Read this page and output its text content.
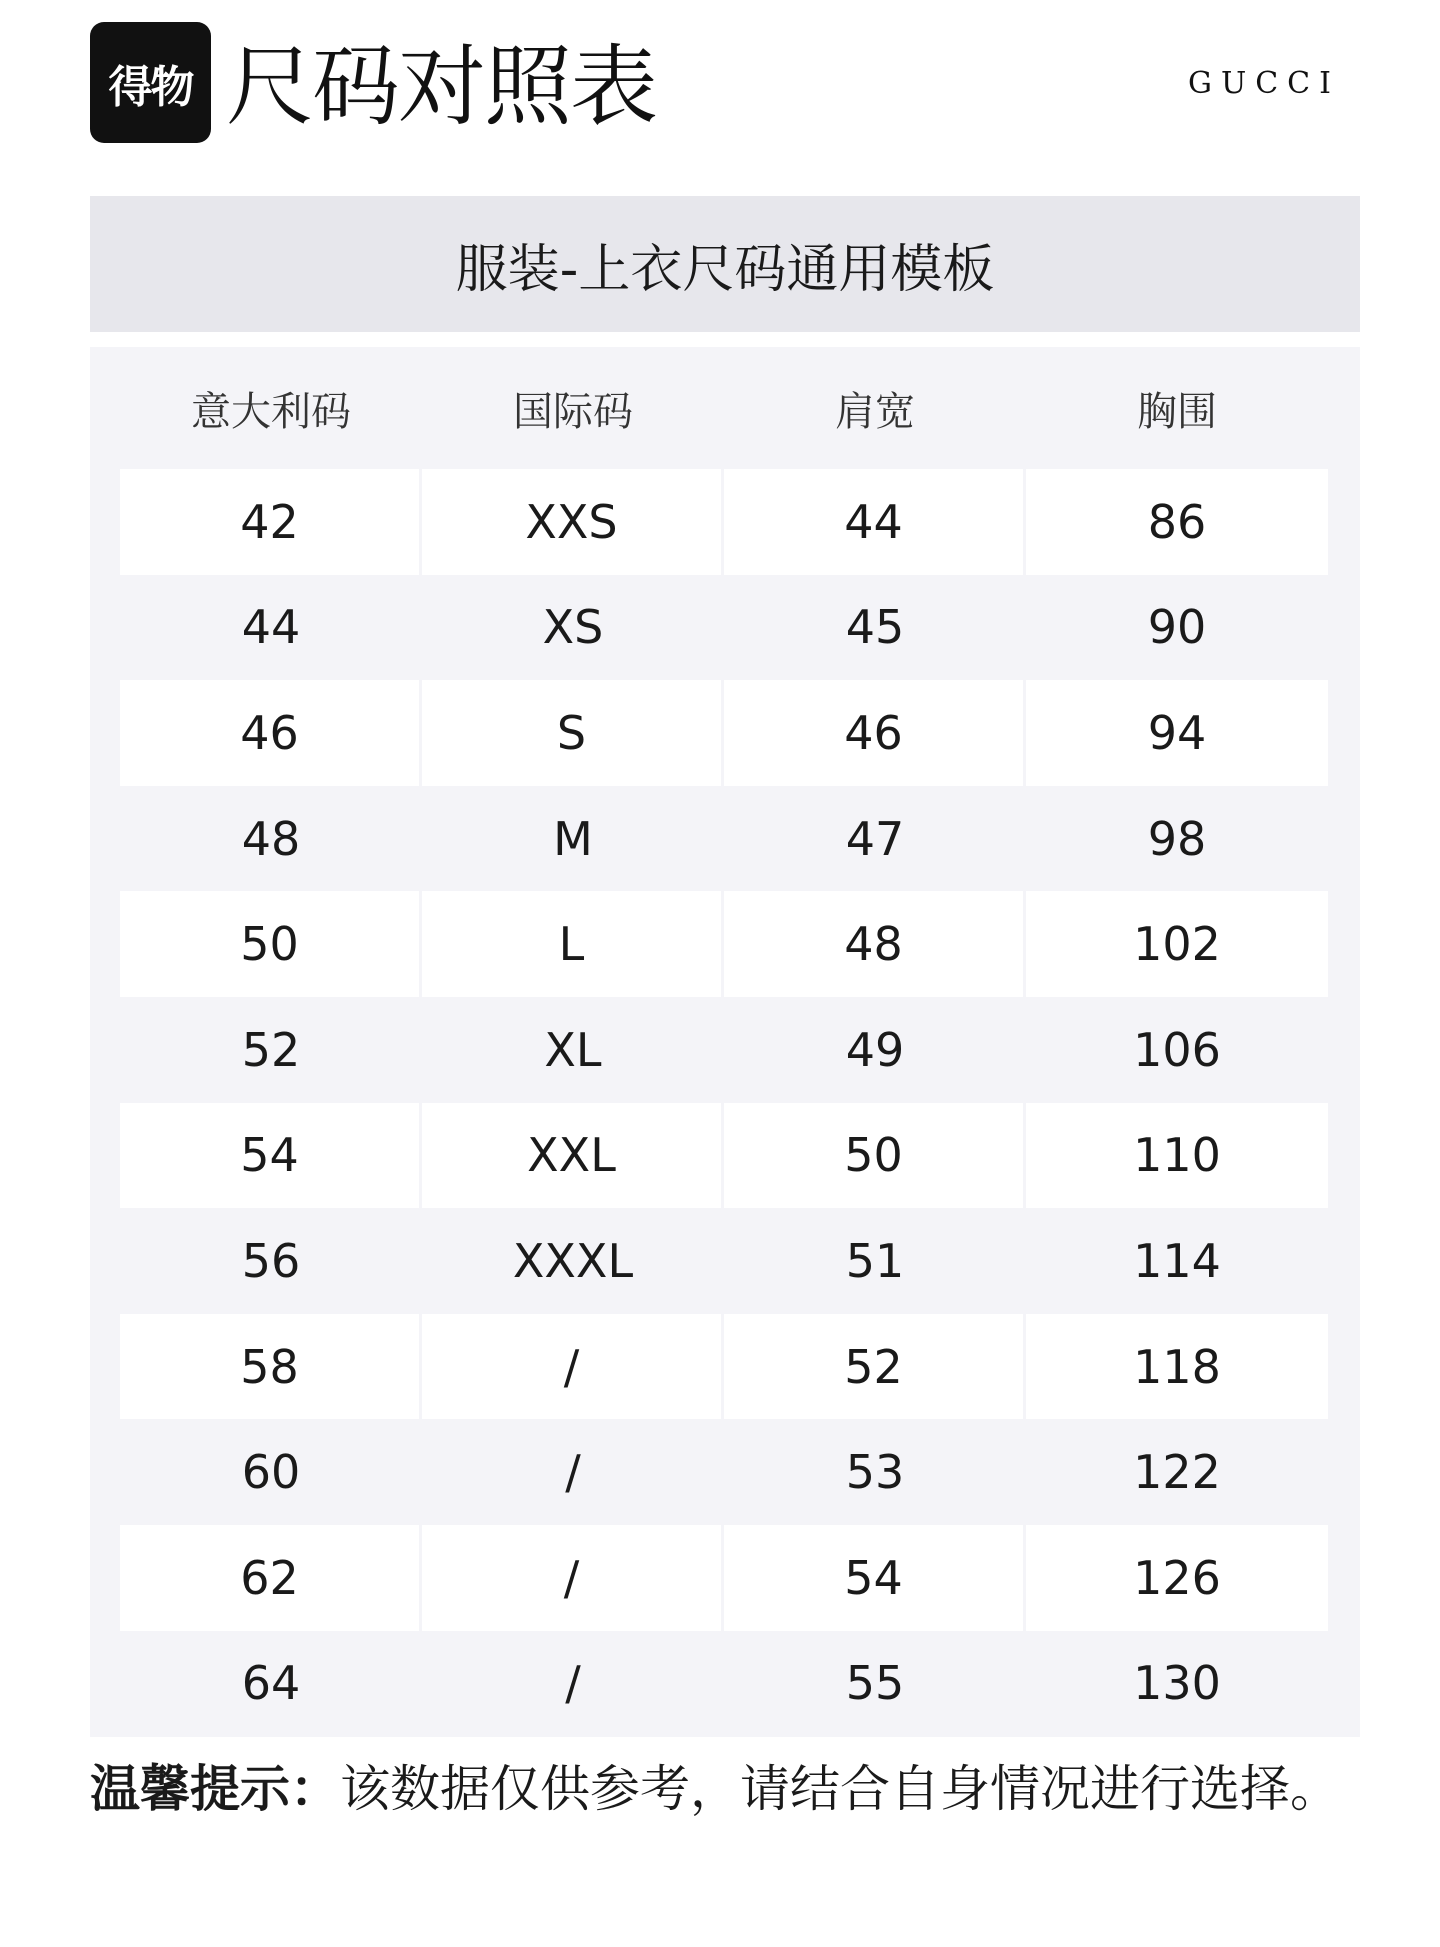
得物 尺码对照表	GUCCI
服装-上衣尺码通用模板
意大利码	国际码	肩宽	胸围
42	XXS	44	86
44	XS	45	90
46	S	46	94
48	M	47	98
50	L	48	102
52	XL	49	106
54	XXL	50	110
56	XXXL	51	114
58	/	52	118
60	/	53	122
62	/	54	126
64	/	55	130
温馨提示：该数据仅供参考，请结合自身情况进行选择。
